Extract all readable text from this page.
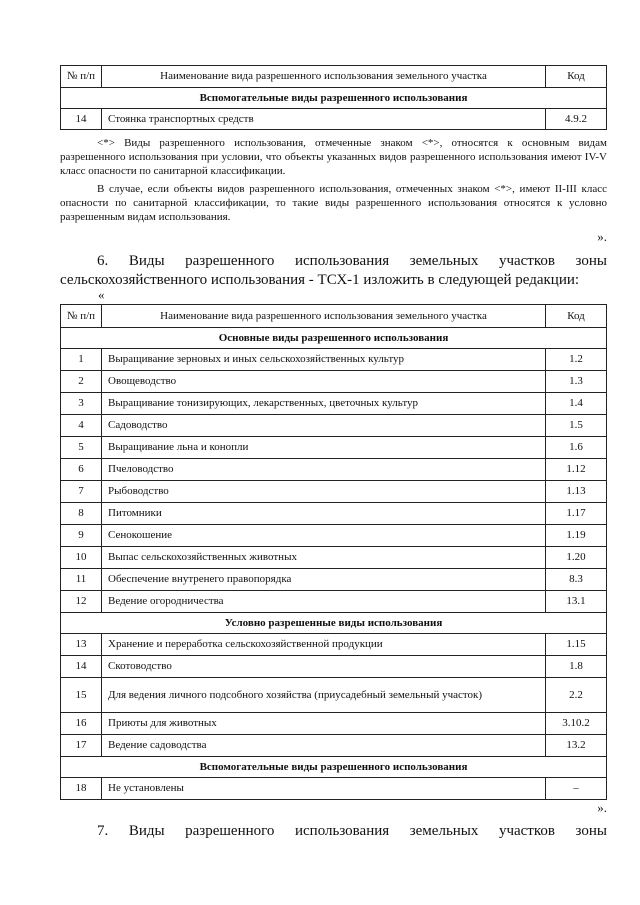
№ п/п	Наименование вида разрешенного использования земельного участка	Код
Вспомогательные виды разрешенного использования		
14	Стоянка транспортных средств	4.9.2

<*> Виды разрешенного использования, отмеченные знаком <*>, относятся к основным видам разрешенного использования при условии, что объекты указанных видов разрешенного использования имеют IV-V класс опасности по санитарной классификации.

В случае, если объекты видов разрешенного использования, отмеченных знаком <*>, имеют II-III класс опасности по санитарной классификации, то такие виды разрешенного использования относятся к условно разрешенным видам использования.

».

6. Виды разрешенного использования земельных участков зоны

сельскохозяйственного использования - ТСХ-1 изложить в следующей редакции:

«
№ п/п	Наименование вида разрешенного использования земельного участка	Код
Основные виды разрешенного использования		
1	Выращивание зерновых и иных сельскохозяйственных культур	1.2
2	Овощеводство	1.3
3	Выращивание тонизирующих, лекарственных, цветочных культур	1.4
4	Садоводство	1.5
5	Выращивание льна и конопли	1.6
6	Пчеловодство	1.12
7	Рыбоводство	1.13
8	Питомники	1.17
9	Сенокошение	1.19
10	Выпас сельскохозяйственных животных	1.20
11	Обеспечение внутренего правопорядка	8.3
12	Ведение огородничества	13.1
Условно разрешенные виды использования		
13	Хранение и переработка сельскохозяйственной продукции	1.15
14	Скотоводство	1.8
15	Для ведения личного подсобного хозяйства (приусадебный земельный участок)	2.2
16	Приюты для животных	3.10.2
17	Ведение садоводства	13.2
Вспомогательные виды разрешенного использования		
18	Не установлены	–
».

7. Виды разрешенного использования земельных участков зоны
